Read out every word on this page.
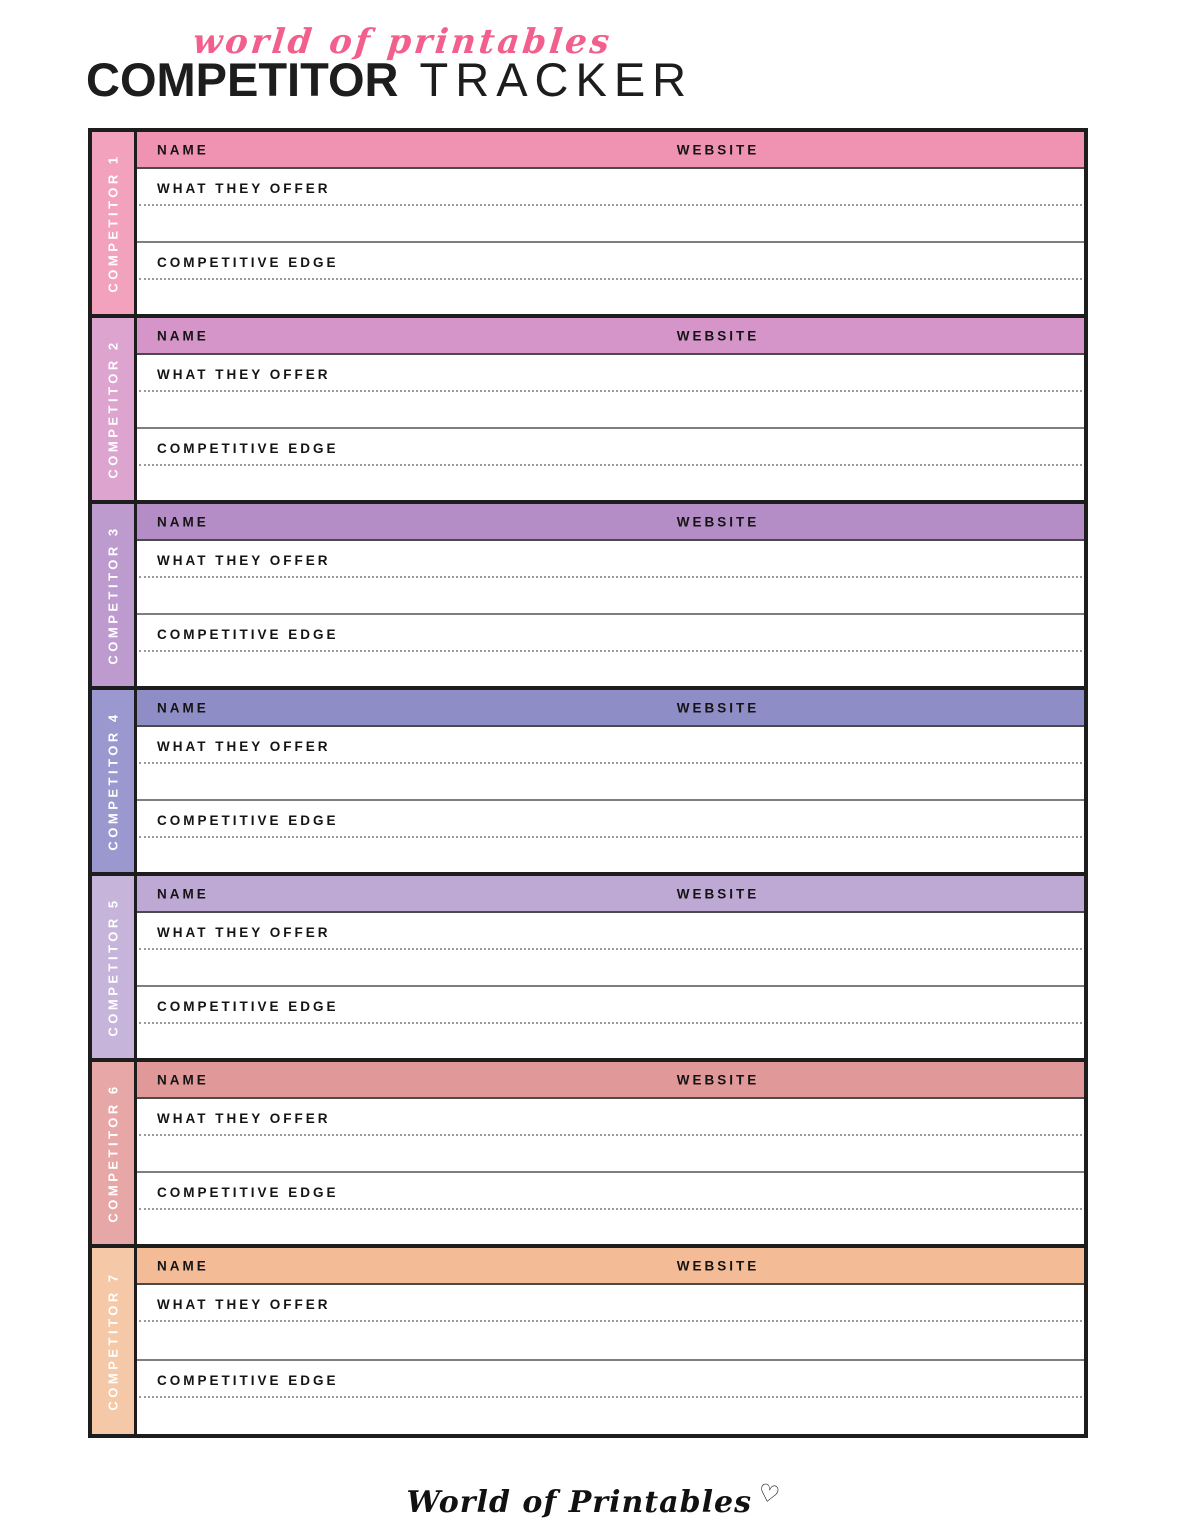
world of printables
COMPETITOR TRACKER
COMPETITOR 1
NAME	WEBSITE
WHAT THEY OFFER
COMPETITIVE EDGE
COMPETITOR 2
NAME	WEBSITE
WHAT THEY OFFER
COMPETITIVE EDGE
COMPETITOR 3
NAME	WEBSITE
WHAT THEY OFFER
COMPETITIVE EDGE
COMPETITOR 4
NAME	WEBSITE
WHAT THEY OFFER
COMPETITIVE EDGE
COMPETITOR 5
NAME	WEBSITE
WHAT THEY OFFER
COMPETITIVE EDGE
COMPETITOR 6
NAME	WEBSITE
WHAT THEY OFFER
COMPETITIVE EDGE
COMPETITOR 7
NAME	WEBSITE
WHAT THEY OFFER
COMPETITIVE EDGE
World of Printables ♡
